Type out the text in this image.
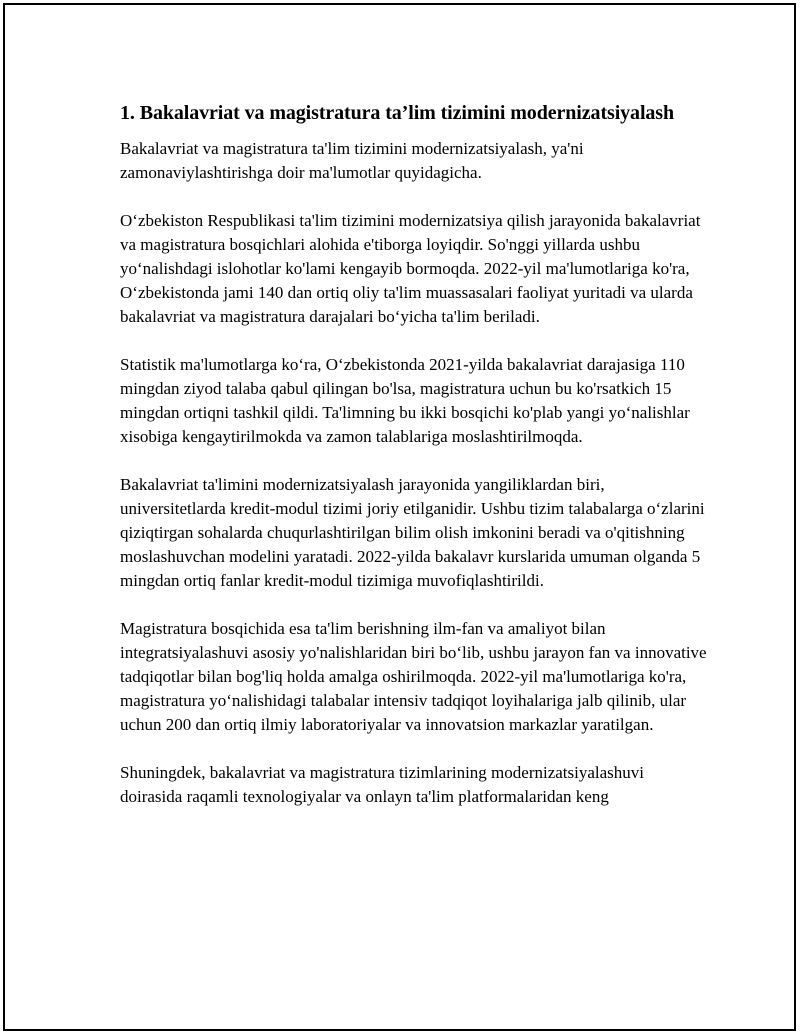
1. Bakalavriat va magistratura ta’lim tizimini modernizatsiyalash

Bakalavriat va magistratura ta'lim tizimini modernizatsiyalash, ya'ni zamonaviylashtirishga doir ma'lumotlar quyidagicha.

O‘zbekiston Respublikasi ta'lim tizimini modernizatsiya qilish jarayonida bakalavriat va magistratura bosqichlari alohida e'tiborga loyiqdir. So'nggi yillarda ushbu yo‘nalishdagi islohotlar ko'lami kengayib bormoqda. 2022-yil ma'lumotlariga ko'ra, O‘zbekistonda jami 140 dan ortiq oliy ta'lim muassasalari faoliyat yuritadi va ularda bakalavriat va magistratura darajalari bo‘yicha ta'lim beriladi.

Statistik ma'lumotlarga ko‘ra, O‘zbekistonda 2021-yilda bakalavriat darajasiga 110 mingdan ziyod talaba qabul qilingan bo'lsa, magistratura uchun bu ko'rsatkich 15 mingdan ortiqni tashkil qildi. Ta'limning bu ikki bosqichi ko'plab yangi yo‘nalishlar xisobiga kengaytirilmokda va zamon talablariga moslashtirilmoqda.

Bakalavriat ta'limini modernizatsiyalash jarayonida yangiliklardan biri, universitetlarda kredit-modul tizimi joriy etilganidir. Ushbu tizim talabalarga o‘zlarini qiziqtirgan sohalarda chuqurlashtirilgan bilim olish imkonini beradi va o'qitishning moslashuvchan modelini yaratadi. 2022-yilda bakalavr kurslarida umuman olganda 5 mingdan ortiq fanlar kredit-modul tizimiga muvofiqlashtirildi.

Magistratura bosqichida esa ta'lim berishning ilm-fan va amaliyot bilan integratsiyalashuvi asosiy yo'nalishlaridan biri bo‘lib, ushbu jarayon fan va innovative tadqiqotlar bilan bog'liq holda amalga oshirilmoqda. 2022-yil ma'lumotlariga ko'ra, magistratura yo‘nalishidagi talabalar intensiv tadqiqot loyihalariga jalb qilinib, ular uchun 200 dan ortiq ilmiy laboratoriyalar va innovatsion markazlar yaratilgan.

Shuningdek, bakalavriat va magistratura tizimlarining modernizatsiyalashuvi doirasida raqamli texnologiyalar va onlayn ta'lim platformalaridan keng
